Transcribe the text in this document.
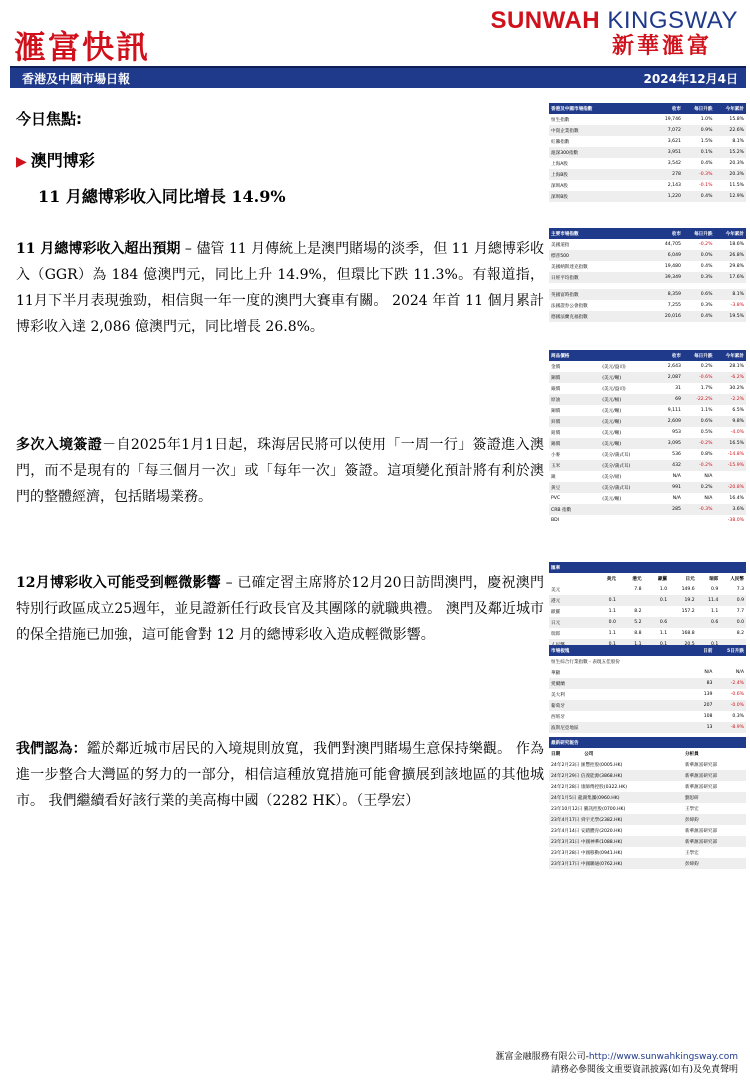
滙富快訊
SUNWAH KINGSWAY
新華滙富
香港及中國市場日報	2024年12月4日
今日焦點:
▶ 澳門博彩
11 月總博彩收入同比增長 14.9%
11 月總博彩收入超出預期 – 儘管 11 月傳統上是澳門賭場的淡季，但 11 月總博彩收入（GGR）為 184 億澳門元，同比上升 14.9%，但環比下跌 11.3%。有報道指，11月下半月表現強勁，相信與一年一度的澳門大賽車有關。 2024 年首 11 個月累計博彩收入達 2,086 億澳門元，同比增長 26.8%。
多次入境簽證－自2025年1月1日起，珠海居民將可以使用「一周一行」簽證進入澳門，而不是現有的「每三個月一次」或「每年一次」簽證。這項變化預計將有利於澳門的整體經濟，包括賭場業務。
12月博彩收入可能受到輕微影響 – 已確定習主席將於12月20日訪問澳門，慶祝澳門特別行政區成立25週年，並見證新任行政長官及其團隊的就職典禮。 澳門及鄰近城市的保全措施已加強，這可能會對 12 月的總博彩收入造成輕微影響。
我們認為：鑑於鄰近城市居民的入境規則放寬，我們對澳門賭場生意保持樂觀。 作為進一步整合大灣區的努力的一部分，相信這種放寬措施可能會擴展到該地區的其他城市。 我們繼續看好該行業的美高梅中國（2282 HK）。（王學宏）
香港及中國市場指數	收市	每日升跌	今年累計
恒生指數	19,746	1.0%	15.8%
中資企業指數	7,072	0.9%	22.6%
紅籌指數	3,621	1.5%	8.1%
滬深300指數	3,951	0.1%	15.2%
上海A股	3,542	0.4%	20.3%
上海B股	278	-0.3%	20.3%
深圳A股	2,143	-0.1%	11.5%
深圳B股	1,220	0.4%	12.9%
主要市場指數	收市	每日升跌	今年累計
美國道指	44,705	-0.2%	18.6%
標普500	6,049	0.0%	26.8%
美國納斯達克指數	19,480	0.4%	29.8%
日經平均指數	39,349	0.3%	17.6%

英國富時指數	8,359	0.6%	8.1%
法國證券公會指數	7,255	0.3%	-3.8%
德國法蘭克福指數	20,016	0.4%	19.5%
商品價格		收市	每日升跌	今年累計
金價	(美元/盎司)	2,643	0.2%	28.1%
銅價	(美元/噸)	2,087	-0.6%	-6.2%
銀價	(美元/盎司)	31	1.7%	30.2%
原油	(美元/桶)	69	-22.2%	-2.2%
銅價	(美元/噸)	9,111	1.1%	6.5%
鋅價	(美元/噸)	2,609	0.6%	9.8%
鉛價	(美元/噸)	953	0.5%	-4.0%
錫價	(美元/噸)	3,095	-0.2%	16.5%
小麥	(美分/蒲式耳)	536	0.8%	-14.8%
玉米	(美分/蒲式耳)	432	-0.2%	-15.9%
鎳	(美分/磅)	N/A	N/A	
黃豆	(美分/蒲式耳)	991	0.2%	-20.8%
PVC	(美元/噸)	N/A	N/A	16.4%
CRB 指數		285	-0.3%	3.6%
BDI				-38.0%
匯率						
	美元	港元	歐羅	日元	瑞郎	人民幣
美元		7.8	1.0	149.6	0.9	7.3
港元	0.1		0.1	19.2	11.4	0.9
歐羅	1.1	8.2		157.2	1.1	7.7
日元	0.0	5.2	0.6		0.6	0.0
瑞郎	1.1	8.8	1.1	168.8		8.2

市場板塊		日前	5日升跌
恒生綜合行業指數 - 表現五佳股份			
華顯		N/A	N/A
愛爾蘭		83	-2.4%
美大利		139	-0.6%
葡萄牙		207	-0.0%
西班牙		108	0.3%
波斯尼亞地區		13	-8.9%
最新研究報告	
日期 公司	分析員
24年2月23日 匯豐控股(0005.HK)	新華滙富研究部
24年2月29日 信義能源(3868.HK)	新華滙富研究部
24年2月28日 康師傅控股(0322.HK)	新華滙富研究部
24年1月5日 龍湖集團(0960.HK)	劉思研
23年10月12日 騰訊控股(0700.HK)	王學宏
23年4月17日 舜宇光學(2382.HK)	彭煒鈞
23年4月14日 安踏體育(2020.HK)	新華滙富研究部
23年3月31日 中國神華(1088.HK)	新華滙富研究部
23年3月28日 中國移動(0941.HK)	王學宏
23年3月17日 中國聯通(0762.HK)	彭煒鈞
滙富金融服務有限公司-http://www.sunwahkingsway.com
請務必參閱後文重要資訊披露(如有)及免責聲明
